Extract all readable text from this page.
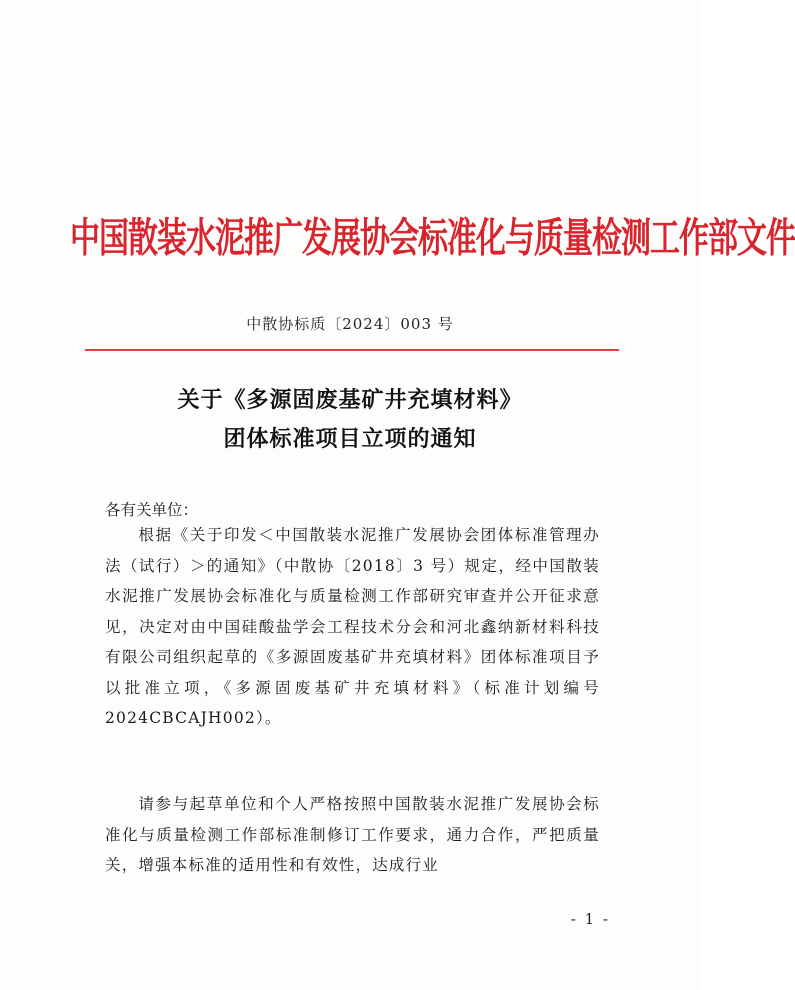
中国散装水泥推广发展协会标准化与质量检测工作部文件
中散协标质〔2024〕003 号
关于《多源固废基矿井充填材料》
团体标准项目立项的通知
各有关单位：
根据《关于印发＜中国散装水泥推广发展协会团体标准管理办法（试行）＞的通知》（中散协〔2018〕3 号）规定，经中国散装水泥推广发展协会标准化与质量检测工作部研究审查并公开征求意见，决定对由中国硅酸盐学会工程技术分会和河北鑫纳新材料科技有限公司组织起草的《多源固废基矿井充填材料》团体标准项目予以批准立项，《多源固废基矿井充填材料》（标准计划编号 2024CBCAJH002）。
请参与起草单位和个人严格按照中国散装水泥推广发展协会标准化与质量检测工作部标准制修订工作要求，通力合作，严把质量关，增强本标准的适用性和有效性，达成行业
- 1 -
